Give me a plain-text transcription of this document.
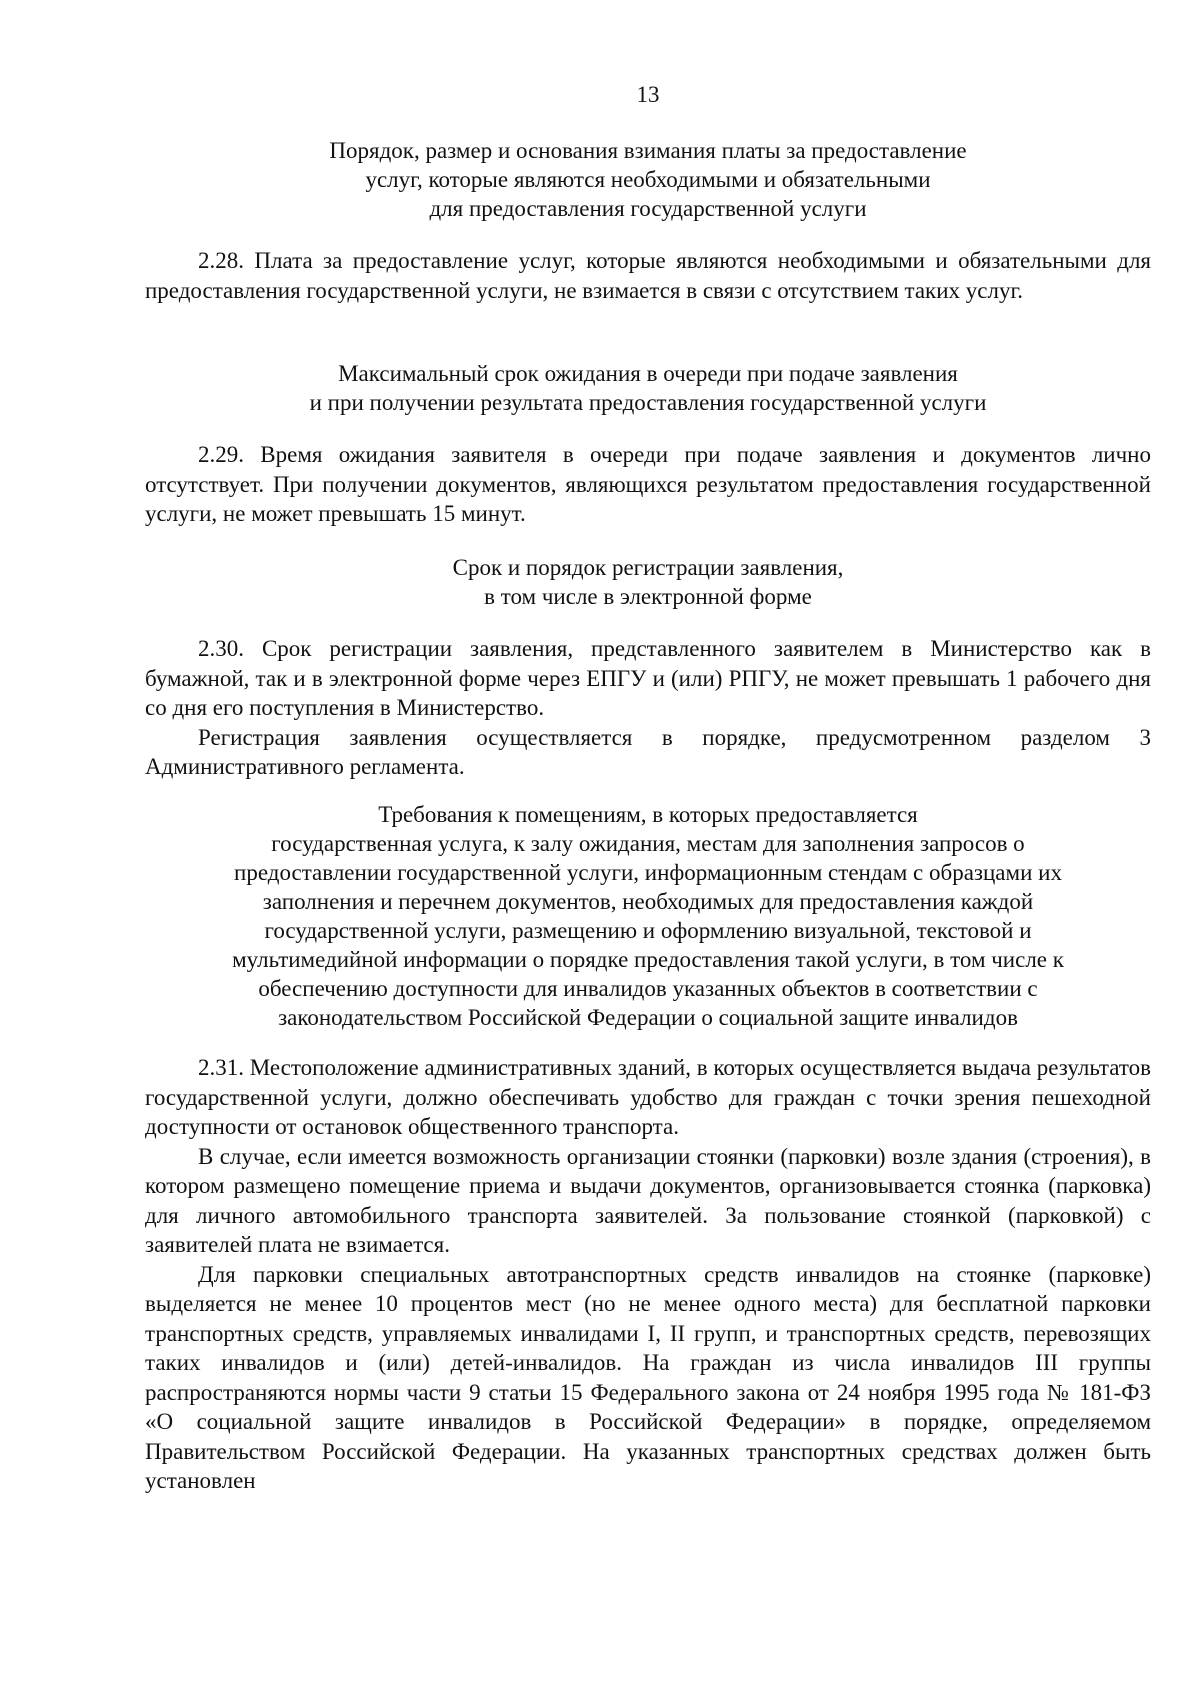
13
Порядок, размер и основания взимания платы за предоставление
услуг, которые являются необходимыми и обязательными
для предоставления государственной услуги

2.28. Плата за предоставление услуг, которые являются необходимыми и обязательными для предоставления государственной услуги, не взимается в связи с отсутствием таких услуг.

Максимальный срок ожидания в очереди при подаче заявления
и при получении результата предоставления государственной услуги

2.29. Время ожидания заявителя в очереди при подаче заявления и документов лично отсутствует. При получении документов, являющихся результатом предоставления государственной услуги, не может превышать 15 минут.

Срок и порядок регистрации заявления,
в том числе в электронной форме

2.30. Срок регистрации заявления, представленного заявителем в Министерство как в бумажной, так и в электронной форме через ЕПГУ и (или) РПГУ, не может превышать 1 рабочего дня со дня его поступления в Министерство.

Регистрация заявления осуществляется в порядке, предусмотренном разделом 3 Административного регламента.

Требования к помещениям, в которых предоставляется
государственная услуга, к залу ожидания, местам для заполнения запросов о
предоставлении государственной услуги, информационным стендам с образцами их
заполнения и перечнем документов, необходимых для предоставления каждой
государственной услуги, размещению и оформлению визуальной, текстовой и
мультимедийной информации о порядке предоставления такой услуги, в том числе к
обеспечению доступности для инвалидов указанных объектов в соответствии с
законодательством Российской Федерации о социальной защите инвалидов

2.31. Местоположение административных зданий, в которых осуществляется выдача результатов государственной услуги, должно обеспечивать удобство для граждан с точки зрения пешеходной доступности от остановок общественного транспорта.

В случае, если имеется возможность организации стоянки (парковки) возле здания (строения), в котором размещено помещение приема и выдачи документов, организовывается стоянка (парковка) для личного автомобильного транспорта заявителей. За пользование стоянкой (парковкой) с заявителей плата не взимается.

Для парковки специальных автотранспортных средств инвалидов на стоянке (парковке) выделяется не менее 10 процентов мест (но не менее одного места) для бесплатной парковки транспортных средств, управляемых инвалидами I, II групп, и транспортных средств, перевозящих таких инвалидов и (или) детей-инвалидов. На граждан из числа инвалидов III группы распространяются нормы части 9 статьи 15 Федерального закона от 24 ноября 1995 года № 181-ФЗ «О социальной защите инвалидов в Российской Федерации» в порядке, определяемом Правительством Российской Федерации. На указанных транспортных средствах должен быть установлен
